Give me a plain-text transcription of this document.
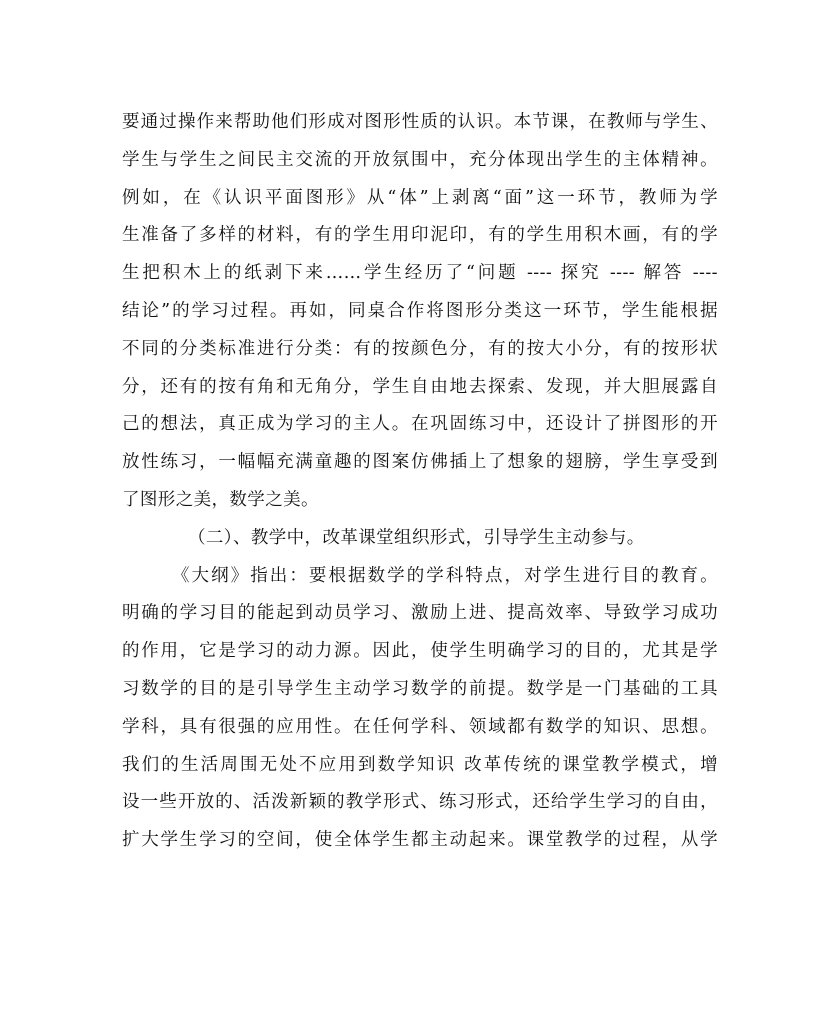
要通过操作来帮助他们形成对图形性质的认识。本节课，在教师与学生、
学生与学生之间民主交流的开放氛围中，充分体现出学生的主体精神。
例如，在《认识平面图形》从“体”上剥离“面”这一环节，教师为学
生准备了多样的材料，有的学生用印泥印，有的学生用积木画，有的学
生把积木上的纸剥下来……学生经历了“问题 ---- 探究 ---- 解答 ----
结论”的学习过程。再如，同桌合作将图形分类这一环节，学生能根据
不同的分类标准进行分类：有的按颜色分，有的按大小分，有的按形状
分，还有的按有角和无角分，学生自由地去探索、发现，并大胆展露自
己的想法，真正成为学习的主人。在巩固练习中，还设计了拼图形的开
放性练习，一幅幅充满童趣的图案仿佛插上了想象的翅膀，学生享受到
了图形之美，数学之美。
（二）、教学中，改革课堂组织形式，引导学生主动参与。
《大纲》指出：要根据数学的学科特点，对学生进行目的教育。
明确的学习目的能起到动员学习、激励上进、提高效率、导致学习成功
的作用，它是学习的动力源。因此，使学生明确学习的目的，尤其是学
习数学的目的是引导学生主动学习数学的前提。数学是一门基础的工具
学科，具有很强的应用性。在任何学科、领域都有数学的知识、思想。
我们的生活周围无处不应用到数学知识 改革传统的课堂教学模式，增
设一些开放的、活泼新颖的教学形式、练习形式，还给学生学习的自由，
扩大学生学习的空间，使全体学生都主动起来。课堂教学的过程，从学
